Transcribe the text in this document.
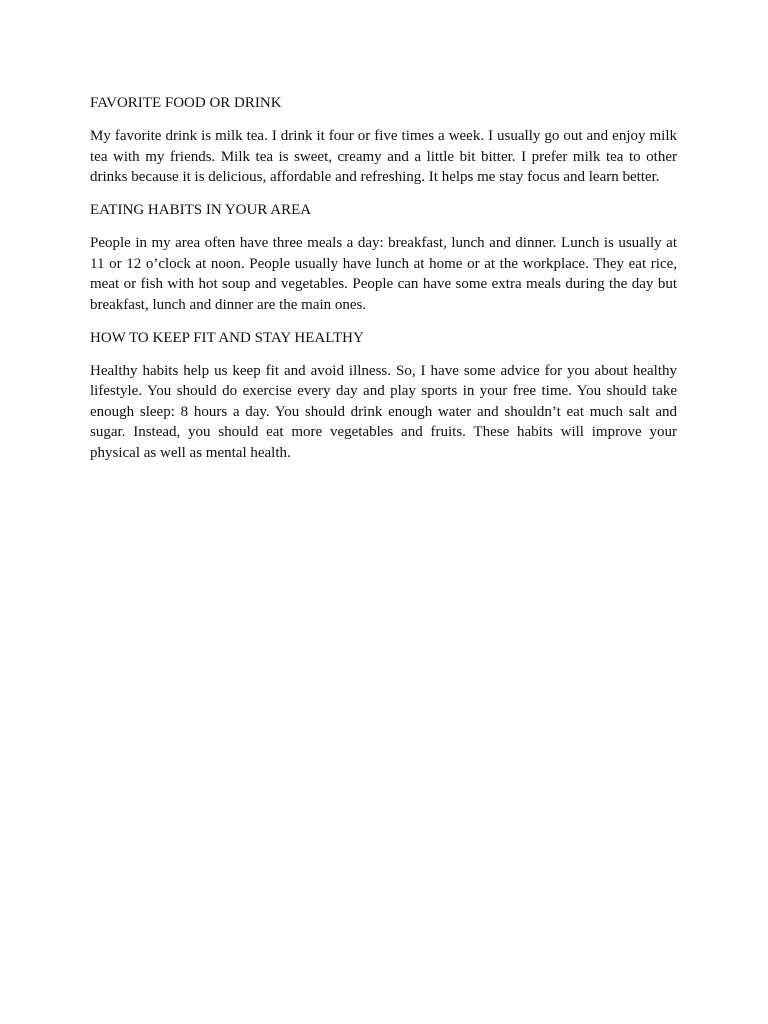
FAVORITE FOOD OR DRINK
My favorite drink is milk tea. I drink it four or five times a week. I usually go out and enjoy milk tea with my friends. Milk tea is sweet, creamy and a little bit bitter. I prefer milk tea to other drinks because it is delicious, affordable and refreshing. It helps me stay focus and learn better.
EATING HABITS IN YOUR AREA
People in my area often have three meals a day: breakfast, lunch and dinner. Lunch is usually at 11 or 12 o’clock at noon. People usually have lunch at home or at the workplace. They eat rice, meat or fish with hot soup and vegetables. People can have some extra meals during the day but breakfast, lunch and dinner are the main ones.
HOW TO KEEP FIT AND STAY HEALTHY
Healthy habits help us keep fit and avoid illness. So, I have some advice for you about healthy lifestyle. You should do exercise every day and play sports in your free time. You should take enough sleep: 8 hours a day. You should drink enough water and shouldn’t eat much salt and sugar. Instead, you should eat more vegetables and fruits. These habits will improve your physical as well as mental health.
